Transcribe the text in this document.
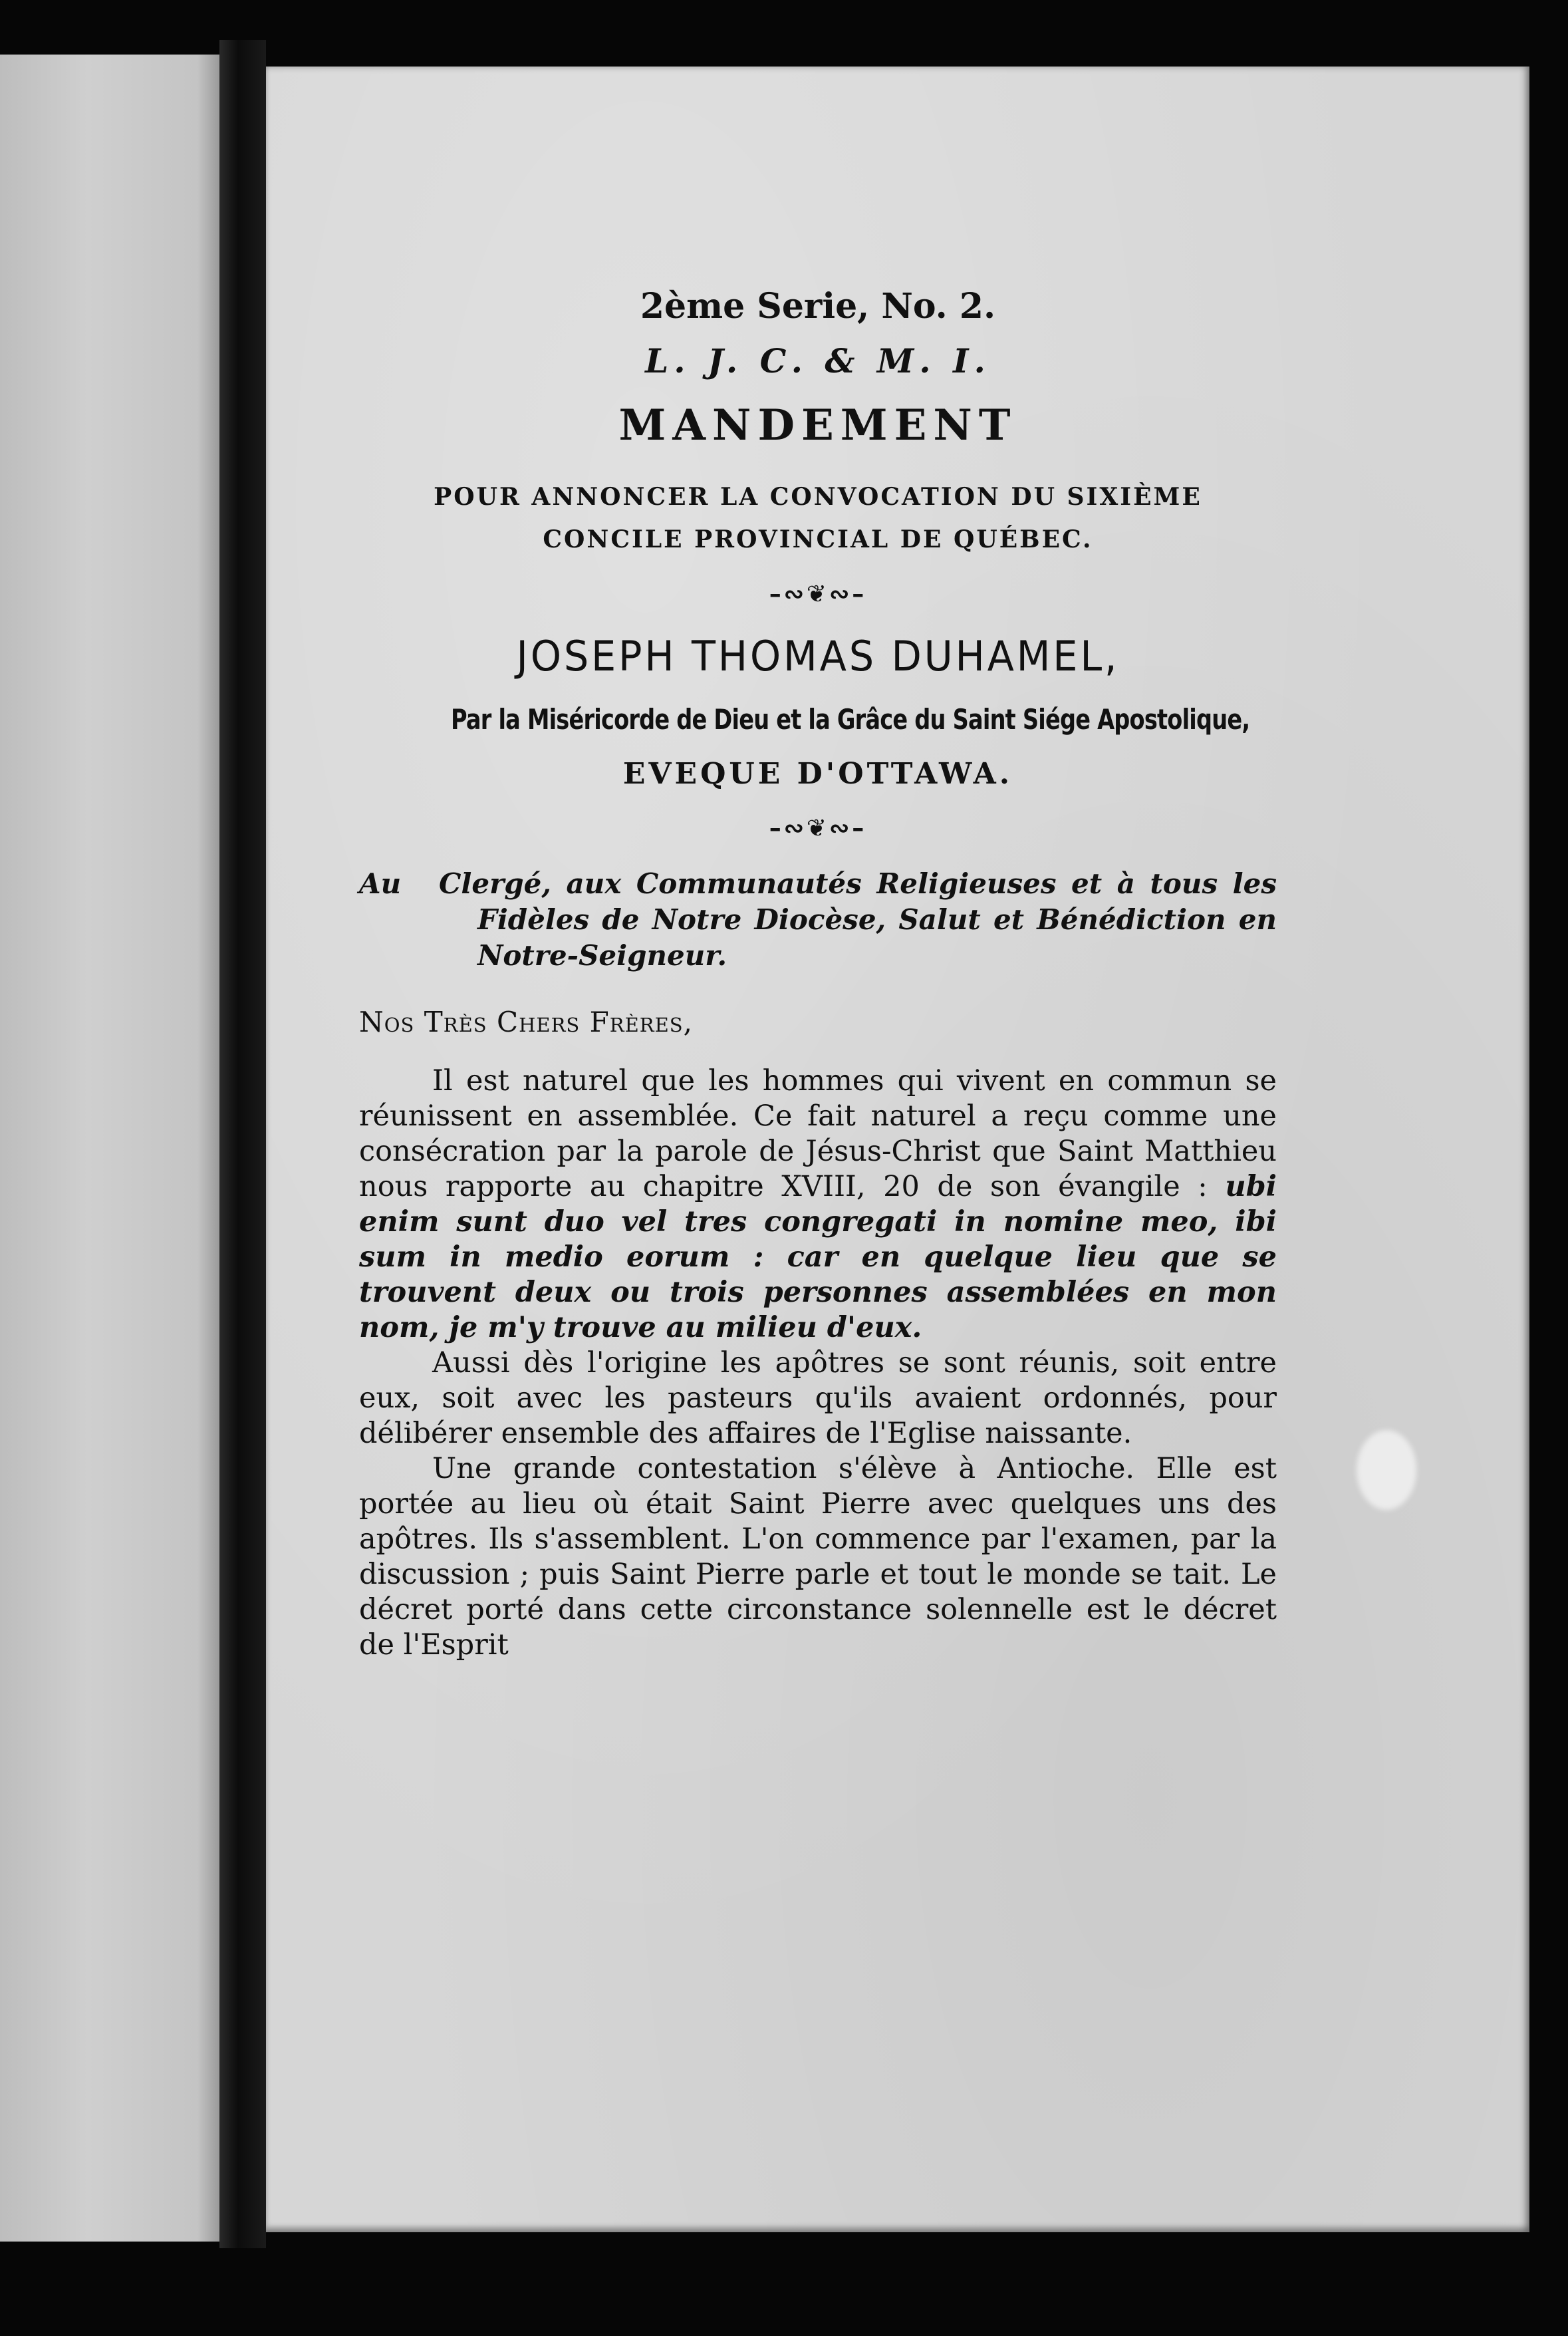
2ème Serie, No. 2.
L. J. C. & M. I.
MANDEMENT
POUR ANNONCER LA CONVOCATION DU SIXIÈME
CONCILE PROVINCIAL DE QUÉBEC.
–∾❦∾–
JOSEPH THOMAS DUHAMEL,
Par la Miséricorde de Dieu et la Grâce du Saint Siége Apostolique,
EVEQUE D'OTTAWA.
–∾❦∾–
Au	Clergé, aux Communautés Religieuses et à tous les
Fidèles de Notre Diocèse, Salut et Bénédiction en
Notre-Seigneur.
Nos Très Chers Frères,

Il est naturel que les hommes qui vivent en commun se réunissent en assemblée. Ce fait naturel a reçu comme une consécration par la parole de Jésus-Christ que Saint Matthieu nous rapporte au chapitre XVIII, 20 de son évangile : ubi enim sunt duo vel tres congregati in nomine meo, ibi sum in medio eorum : car en quelque lieu que se trouvent deux ou trois personnes assemblées en mon nom, je m'y trouve au milieu d'eux.

Aussi dès l'origine les apôtres se sont réunis, soit entre eux, soit avec les pasteurs qu'ils avaient ordonnés, pour délibérer ensemble des affaires de l'Eglise naissante.

Une grande contestation s'élève à Antioche. Elle est portée au lieu où était Saint Pierre avec quelques uns des apôtres. Ils s'assemblent. L'on commence par l'examen, par la discussion ; puis Saint Pierre parle et tout le monde se tait. Le décret porté dans cette circonstance solennelle est le décret de l'Esprit
